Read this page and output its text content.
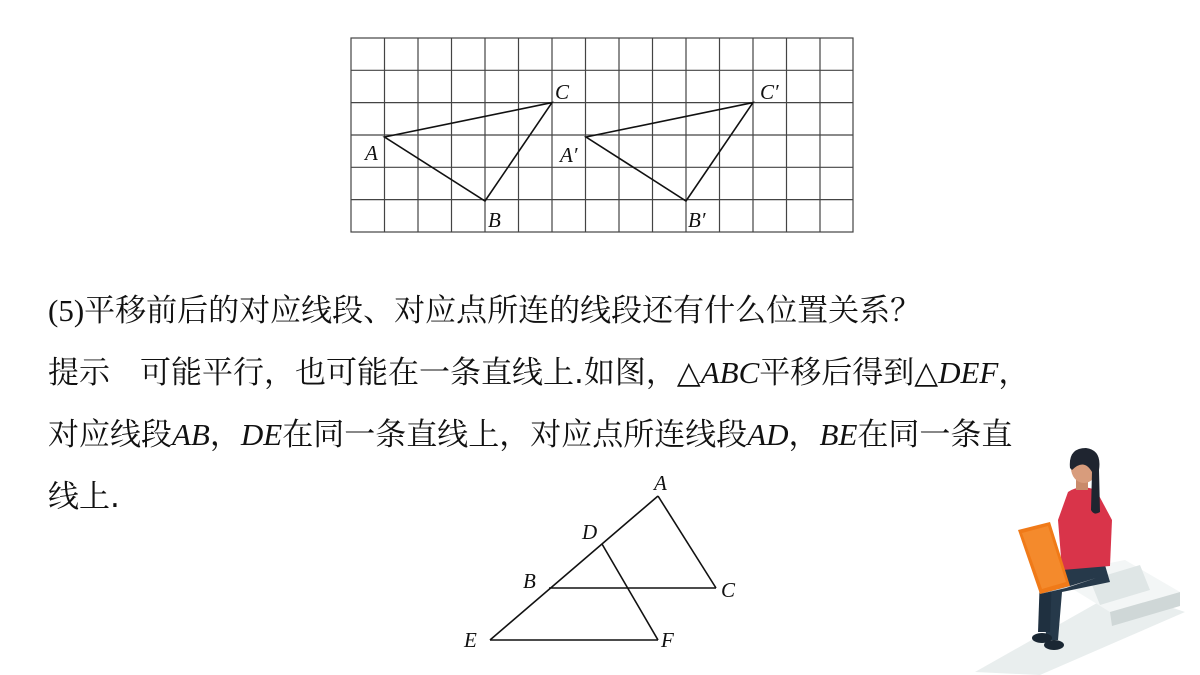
A
B
C
A′
B′
C′
(5)平移前后的对应线段、对应点所连的线段还有什么位置关系？
提示 可能平行，也可能在一条直线上.如图，△ABC平移后得到△DEF，
对应线段AB，DE在同一条直线上，对应点所连线段AD，BE在同一条直
线上.	A
D
B	C
E	F
